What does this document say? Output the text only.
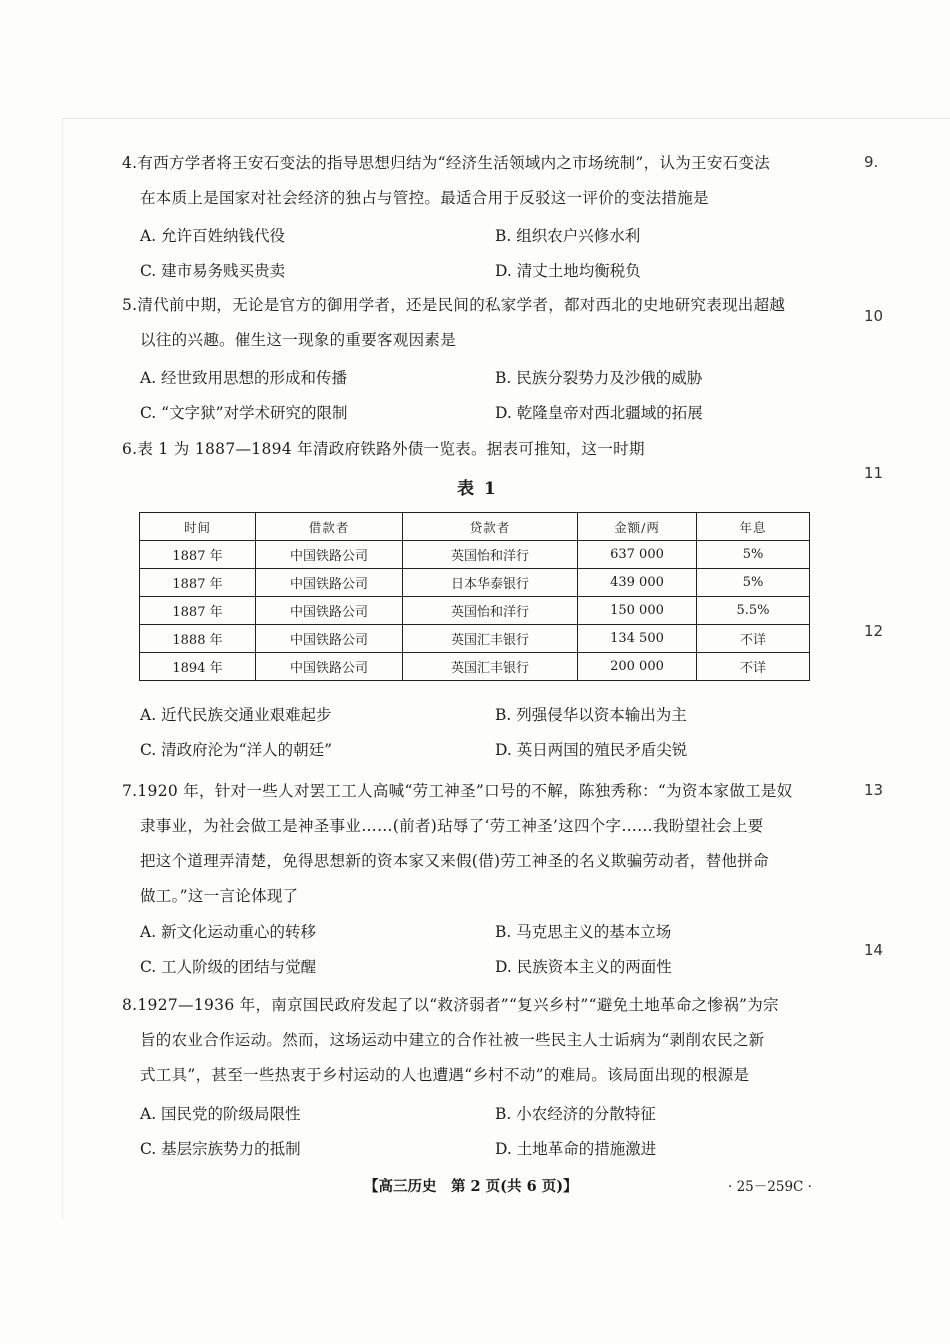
4.有西方学者将王安石变法的指导思想归结为“经济生活领域内之市场统制”，认为王安石变法
在本质上是国家对社会经济的独占与管控。最适合用于反驳这一评价的变法措施是
A. 允许百姓纳钱代役	B. 组织农户兴修水利
C. 建市易务贱买贵卖	D. 清丈土地均衡税负
5.清代前中期，无论是官方的御用学者，还是民间的私家学者，都对西北的史地研究表现出超越
以往的兴趣。催生这一现象的重要客观因素是
A. 经世致用思想的形成和传播	B. 民族分裂势力及沙俄的威胁
C. “文字狱”对学术研究的限制	D. 乾隆皇帝对西北疆域的拓展
6.表 1 为 1887—1894 年清政府铁路外债一览表。据表可推知，这一时期
表 1
时间	借款者	贷款者	金额/两	年息
1887 年	中国铁路公司	英国怡和洋行	637 000	5%
1887 年	中国铁路公司	日本华泰银行	439 000	5%
1887 年	中国铁路公司	英国怡和洋行	150 000	5.5%
1888 年	中国铁路公司	英国汇丰银行	134 500	不详
1894 年	中国铁路公司	英国汇丰银行	200 000	不详
A. 近代民族交通业艰难起步	B. 列强侵华以资本输出为主
C. 清政府沦为“洋人的朝廷”	D. 英日两国的殖民矛盾尖锐
7.1920 年，针对一些人对罢工工人高喊“劳工神圣”口号的不解，陈独秀称：“为资本家做工是奴
隶事业，为社会做工是神圣事业……(前者)玷辱了‘劳工神圣’这四个字……我盼望社会上要
把这个道理弄清楚，免得思想新的资本家又来假(借)劳工神圣的名义欺骗劳动者，替他拼命
做工。”这一言论体现了
A. 新文化运动重心的转移	B. 马克思主义的基本立场
C. 工人阶级的团结与觉醒	D. 民族资本主义的两面性
8.1927—1936 年，南京国民政府发起了以“救济弱者”“复兴乡村”“避免土地革命之惨祸”为宗
旨的农业合作运动。然而，这场运动中建立的合作社被一些民主人士诟病为“剥削农民之新
式工具”，甚至一些热衷于乡村运动的人也遭遇“乡村不动”的难局。该局面出现的根源是
A. 国民党的阶级局限性	B. 小农经济的分散特征
C. 基层宗族势力的抵制	D. 土地革命的措施激进
9.
10
11
12
13
14
【高三历史　第 2 页(共 6 页)】	· 25－259C ·
